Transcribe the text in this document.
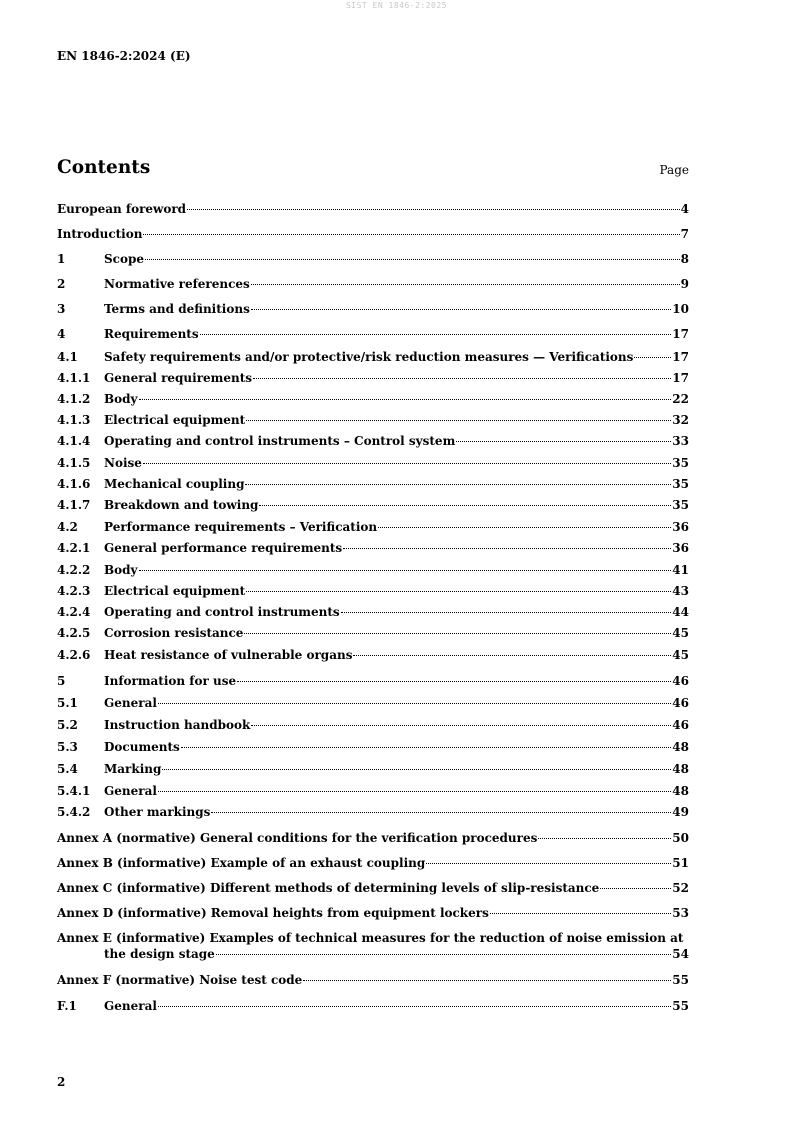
SIST EN 1846-2:2025
EN 1846-2:2024 (E)
Contents	Page
European foreword	4
Introduction	7
1	Scope	8
2	Normative references	9
3	Terms and definitions	10
4	Requirements	17
4.1	Safety requirements and/or protective/risk reduction measures — Verifications	17
4.1.1	General requirements	17
4.1.2	Body	22
4.1.3	Electrical equipment	32
4.1.4	Operating and control instruments – Control system	33
4.1.5	Noise	35
4.1.6	Mechanical coupling	35
4.1.7	Breakdown and towing	35
4.2	Performance requirements – Verification	36
4.2.1	General performance requirements	36
4.2.2	Body	41
4.2.3	Electrical equipment	43
4.2.4	Operating and control instruments	44
4.2.5	Corrosion resistance	45
4.2.6	Heat resistance of vulnerable organs	45
5	Information for use	46
5.1	General	46
5.2	Instruction handbook	46
5.3	Documents	48
5.4	Marking	48
5.4.1	General	48
5.4.2	Other markings	49
Annex A (normative) General conditions for the verification procedures	50
Annex B (informative) Example of an exhaust coupling	51
Annex C (informative) Different methods of determining levels of slip-resistance	52
Annex D (informative) Removal heights from equipment lockers	53
Annex E (informative) Examples of technical measures for the reduction of noise emission at
the design stage	54
Annex F (normative) Noise test code	55
F.1	General	55
2
